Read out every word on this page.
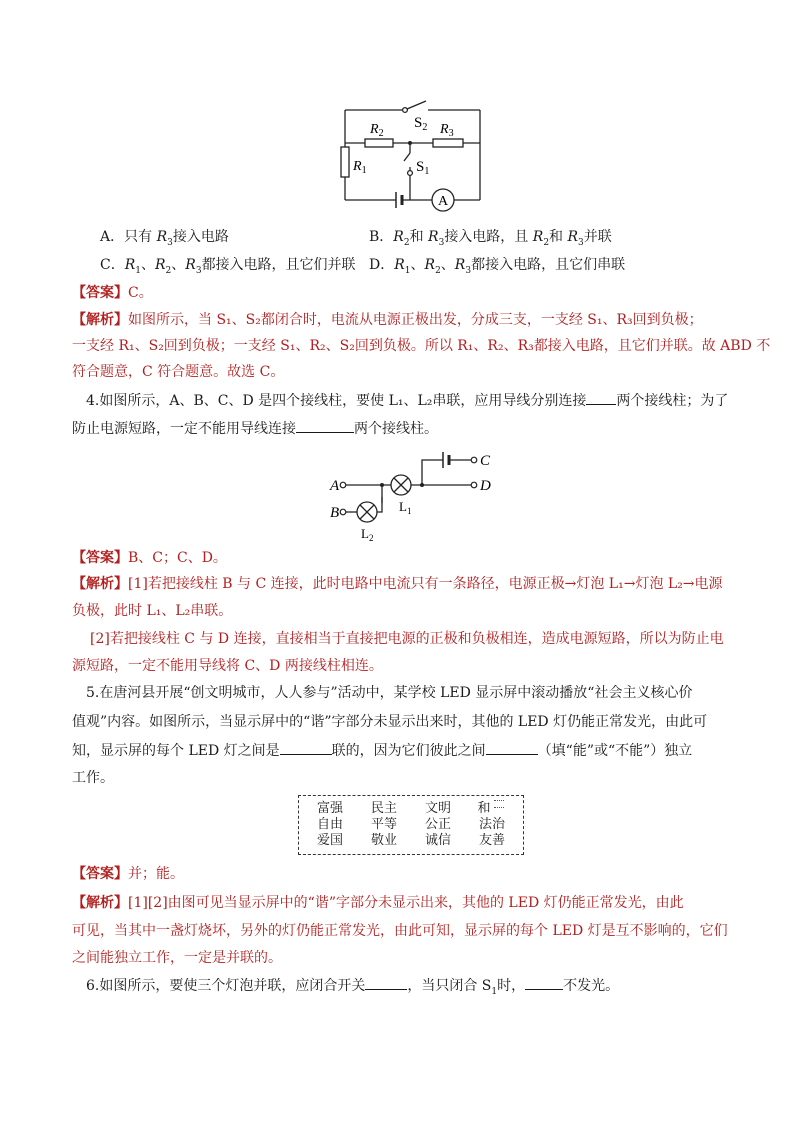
A
$S_2$
$R_2$	$R_3$
$R_1$	$S_1$
A．只有 $R_3$接入电路	B．$R_2$和 $R_3$接入电路，且 $R_2$和 $R_3$并联
C．$R_1$、$R_2$、$R_3$都接入电路，且它们并联 D．$R_1$、$R_2$、$R_3$都接入电路，且它们串联
【答案】C。
【解析】如图所示，当 S₁、S₂都闭合时，电流从电源正极出发，分成三支，一支经 S₁、R₃回到负极；
一支经 R₁、S₂回到负极；一支经 S₁、R₂、S₂回到负极。所以 R₁、R₂、R₃都接入电路，且它们并联。故 ABD 不
符合题意，C 符合题意。故选 C。
4.如图所示，A、B、C、D 是四个接线柱，要使 L₁、L₂串联，应用导线分别连接 两个接线柱；为了
防止电源短路，一定不能用导线连接	两个接线柱。
A
B
C
D
$L_1$
$L_2$
【答案】B、C；C、D。
【解析】[1]若把接线柱 B 与 C 连接，此时电路中电流只有一条路径，电源正极→灯泡 L₁→灯泡 L₂→电源
负极，此时 L₁、L₂串联。
[2]若把接线柱 C 与 D 连接，直接相当于直接把电源的正极和负极相连，造成电源短路，所以为防止电
源短路，一定不能用导线将 C、D 两接线柱相连。
5.在唐河县开展“创文明城市，人人参与”活动中，某学校 LED 显示屏中滚动播放“社会主义核心价
值观”内容。如图所示，当显示屏中的“谐”字部分未显示出来时，其他的 LED 灯仍能正常发光，由此可
知，显示屏的每个 LED 灯之间是	联的，因为它们彼此之间	（填“能”或“不能”）独立
工作。
富强	民主	文明	和
自由	平等	公正	法治
爱国	敬业	诚信	友善
【答案】并；能。
【解析】[1][2]由图可见当显示屏中的“谐”字部分未显示出来，其他的 LED 灯仍能正常发光，由此
可见，当其中一盏灯烧坏，另外的灯仍能正常发光，由此可知，显示屏的每个 LED 灯是互不影响的，它们
之间能独立工作，一定是并联的。
6.如图所示，要使三个灯泡并联，应闭合开关	，当只闭合 $S_1$时，	不发光。
